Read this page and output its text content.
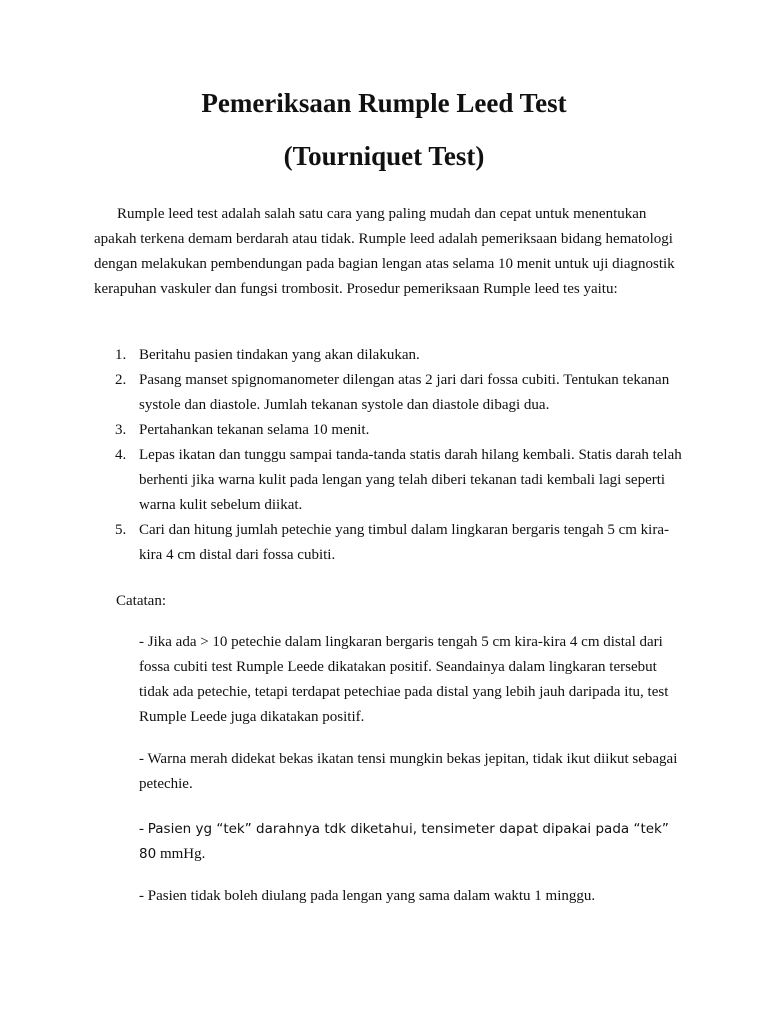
Pemeriksaan Rumple Leed Test
(Tourniquet Test)

Rumple leed test adalah salah satu cara yang paling mudah dan cepat untuk menentukan apakah terkena demam berdarah atau tidak. Rumple leed adalah pemeriksaan bidang hematologi dengan melakukan pembendungan pada bagian lengan atas selama 10 menit untuk uji diagnostik kerapuhan vaskuler dan fungsi trombosit. Prosedur pemeriksaan Rumple leed tes yaitu:

1. Beritahu pasien tindakan yang akan dilakukan.
2. Pasang manset spignomanometer dilengan atas 2 jari dari fossa cubiti. Tentukan tekanan systole dan diastole. Jumlah tekanan systole dan diastole dibagi dua.
3. Pertahankan tekanan selama 10 menit.
4. Lepas ikatan dan tunggu sampai tanda-tanda statis darah hilang kembali. Statis darah telah berhenti jika warna kulit pada lengan yang telah diberi tekanan tadi kembali lagi seperti warna kulit sebelum diikat.
5. Cari dan hitung jumlah petechie yang timbul dalam lingkaran bergaris tengah 5 cm kira-kira 4 cm distal dari fossa cubiti.

Catatan:

- Jika ada > 10 petechie dalam lingkaran bergaris tengah 5 cm kira-kira 4 cm distal dari fossa cubiti test Rumple Leede dikatakan positif. Seandainya dalam lingkaran tersebut tidak ada petechie, tetapi terdapat petechiae pada distal yang lebih jauh daripada itu, test Rumple Leede juga dikatakan positif.

- Warna merah didekat bekas ikatan tensi mungkin bekas jepitan, tidak ikut diikut sebagai petechie.

- Pasien yg “tek” darahnya tdk diketahui, tensimeter dapat dipakai pada “tek” 80 mmHg.

- Pasien tidak boleh diulang pada lengan yang sama dalam waktu 1 minggu.
